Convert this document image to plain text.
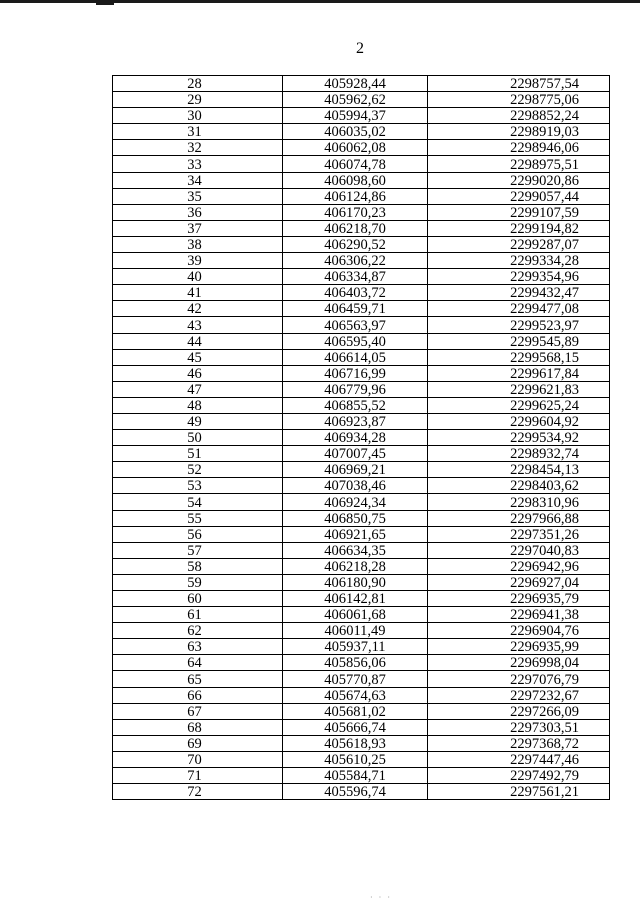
2
28	405928,44	2298757,54
29	405962,62	2298775,06
30	405994,37	2298852,24
31	406035,02	2298919,03
32	406062,08	2298946,06
33	406074,78	2298975,51
34	406098,60	2299020,86
35	406124,86	2299057,44
36	406170,23	2299107,59
37	406218,70	2299194,82
38	406290,52	2299287,07
39	406306,22	2299334,28
40	406334,87	2299354,96
41	406403,72	2299432,47
42	406459,71	2299477,08
43	406563,97	2299523,97
44	406595,40	2299545,89
45	406614,05	2299568,15
46	406716,99	2299617,84
47	406779,96	2299621,83
48	406855,52	2299625,24
49	406923,87	2299604,92
50	406934,28	2299534,92
51	407007,45	2298932,74
52	406969,21	2298454,13
53	407038,46	2298403,62
54	406924,34	2298310,96
55	406850,75	2297966,88
56	406921,65	2297351,26
57	406634,35	2297040,83
58	406218,28	2296942,96
59	406180,90	2296927,04
60	406142,81	2296935,79
61	406061,68	2296941,38
62	406011,49	2296904,76
63	405937,11	2296935,99
64	405856,06	2296998,04
65	405770,87	2297076,79
66	405674,63	2297232,67
67	405681,02	2297266,09
68	405666,74	2297303,51
69	405618,93	2297368,72
70	405610,25	2297447,46
71	405584,71	2297492,79
72	405596,74	2297561,21
· · ·
